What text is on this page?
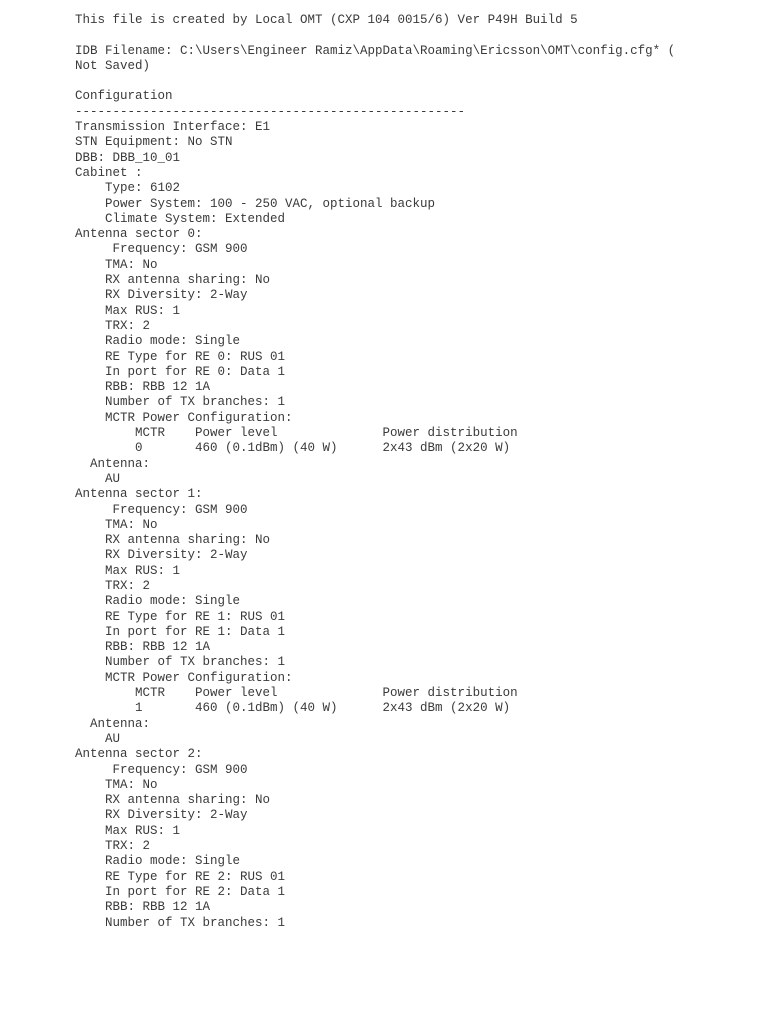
This file is created by Local OMT (CXP 104 0015/6) Ver P49H Build 5
IDB Filename: C:\Users\Engineer Ramiz\AppData\Roaming\Ericsson\OMT\config.cfg* (
Not Saved)
Configuration
----------------------------------------------------
Transmission Interface: E1
STN Equipment: No STN
DBB: DBB_10_01
Cabinet :
Type: 6102
Power System: 100 - 250 VAC, optional backup
Climate System: Extended
Antenna sector 0:
Frequency: GSM 900
TMA: No
RX antenna sharing: No
RX Diversity: 2-Way
Max RUS: 1
TRX: 2
Radio mode: Single
RE Type for RE 0: RUS 01
In port for RE 0: Data 1
RBB: RBB 12 1A
Number of TX branches: 1
MCTR Power Configuration:
MCTR    Power level              Power distribution
0       460 (0.1dBm) (40 W)      2x43 dBm (2x20 W)
Antenna:
AU
Antenna sector 1:
Frequency: GSM 900
TMA: No
RX antenna sharing: No
RX Diversity: 2-Way
Max RUS: 1
TRX: 2
Radio mode: Single
RE Type for RE 1: RUS 01
In port for RE 1: Data 1
RBB: RBB 12 1A
Number of TX branches: 1
MCTR Power Configuration:
MCTR    Power level              Power distribution
1       460 (0.1dBm) (40 W)      2x43 dBm (2x20 W)
Antenna:
AU
Antenna sector 2:
Frequency: GSM 900
TMA: No
RX antenna sharing: No
RX Diversity: 2-Way
Max RUS: 1
TRX: 2
Radio mode: Single
RE Type for RE 2: RUS 01
In port for RE 2: Data 1
RBB: RBB 12 1A
Number of TX branches: 1
